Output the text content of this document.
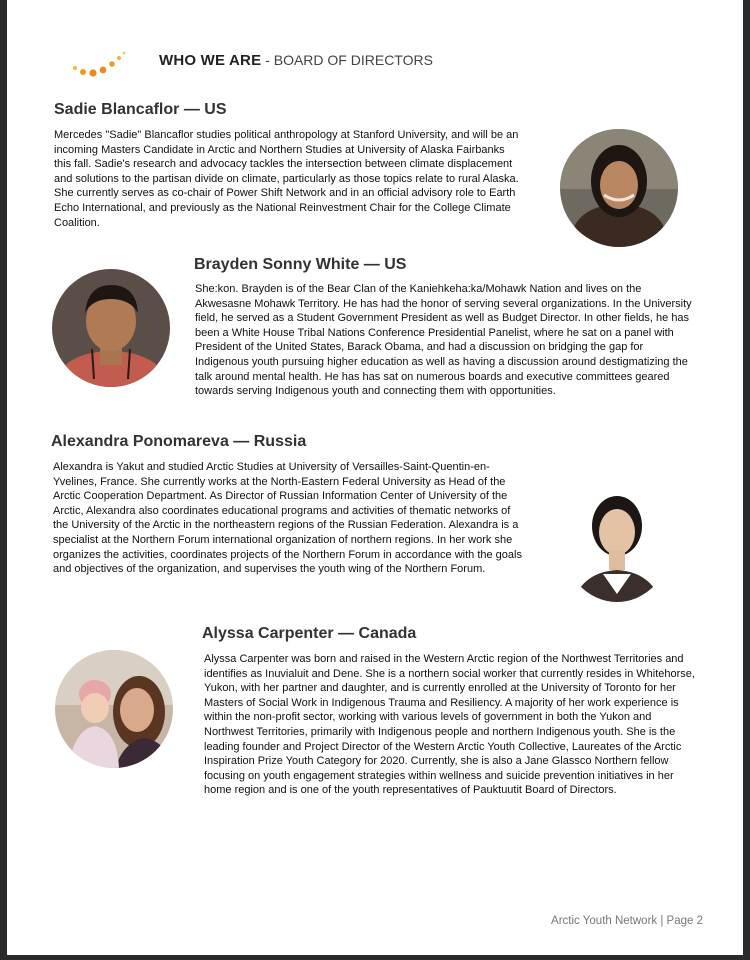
WHO WE ARE - BOARD OF DIRECTORS
Sadie Blancaflor — US
Mercedes "Sadie" Blancaflor studies political anthropology at Stanford University, and will be an incoming Masters Candidate in Arctic and Northern Studies at University of Alaska Fairbanks this fall. Sadie's research and advocacy tackles the intersection between climate displacement and solutions to the partisan divide on climate, particularly as those topics relate to rural Alaska. She currently serves as co-chair of Power Shift Network and in an official advisory role to Earth Echo International, and previously as the National Reinvestment Chair for the College Climate Coalition.
Brayden Sonny White — US
She:kon. Brayden is of the Bear Clan of the Kaniehkeha:ka/Mohawk Nation and lives on the Akwesasne Mohawk Territory. He has had the honor of serving several organizations. In the University field, he served as a Student Government President as well as Budget Director. In other fields, he has been a White House Tribal Nations Conference Presidential Panelist, where he sat on a panel with President of the United States, Barack Obama, and had a discussion on bridging the gap for Indigenous youth pursuing higher education as well as having a discussion around destigmatizing the talk around mental health. He has has sat on numerous boards and executive committees geared towards serving Indigenous youth and connecting them with opportunities.
Alexandra Ponomareva — Russia
Alexandra is Yakut and studied Arctic Studies at University of Versailles-Saint-Quentin-en-Yvelines, France. She currently works at the North-Eastern Federal University as Head of the Arctic Cooperation Department. As Director of Russian Information Center of University of the Arctic, Alexandra also coordinates educational programs and activities of thematic networks of the University of the Arctic in the northeastern regions of the Russian Federation. Alexandra is a specialist at the Northern Forum international organization of northern regions. In her work she organizes the activities, coordinates projects of the Northern Forum in accordance with the goals and objectives of the organization, and supervises the youth wing of the Northern Forum.
Alyssa Carpenter — Canada
Alyssa Carpenter was born and raised in the Western Arctic region of the Northwest Territories and identifies as Inuvialuit and Dene. She is a northern social worker that currently resides in Whitehorse, Yukon, with her partner and daughter, and is currently enrolled at the University of Toronto for her Masters of Social Work in Indigenous Trauma and Resiliency. A majority of her work experience is within the non-profit sector, working with various levels of government in both the Yukon and Northwest Territories, primarily with Indigenous people and northern Indigenous youth. She is the leading founder and Project Director of the Western Arctic Youth Collective, Laureates of the Arctic Inspiration Prize Youth Category for 2020. Currently, she is also a Jane Glassco Northern fellow focusing on youth engagement strategies within wellness and suicide prevention initiatives in her home region and is one of the youth representatives of Pauktuutit Board of Directors.
Arctic Youth Network | Page 2
